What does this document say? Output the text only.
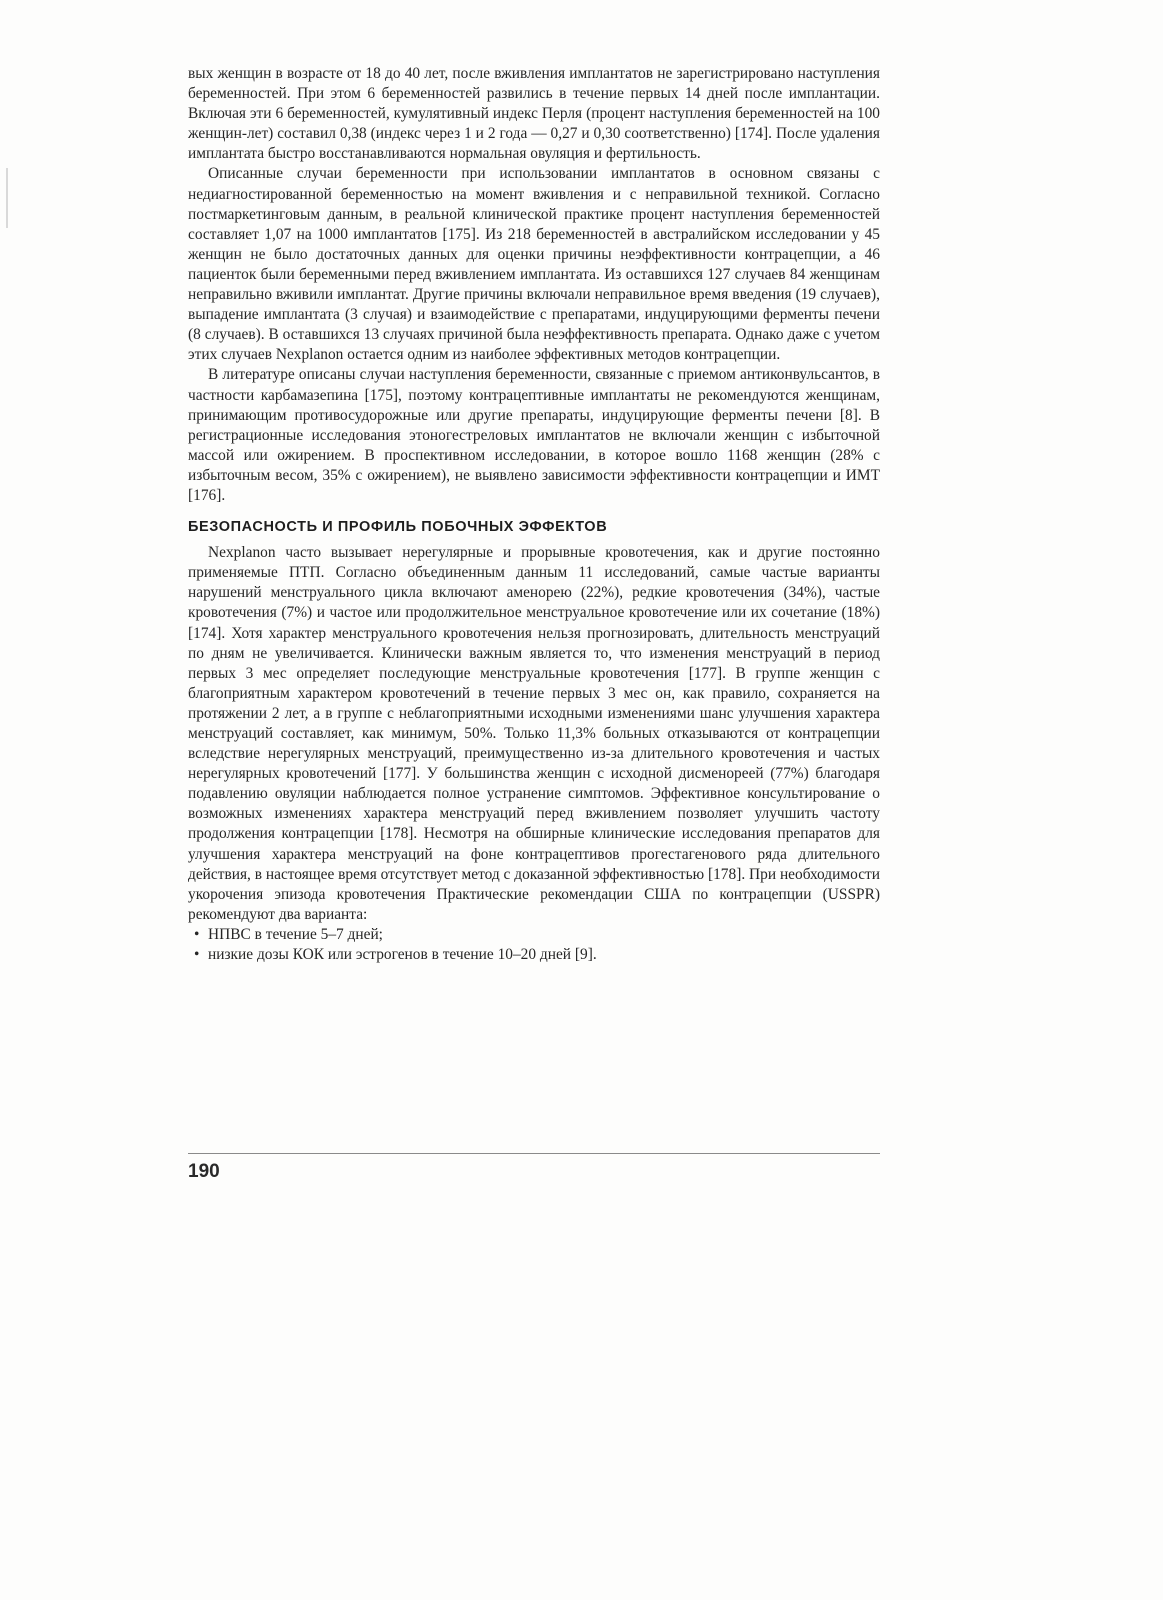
вых женщин в возрасте от 18 до 40 лет, после вживления имплантатов не зарегистрировано наступления беременностей. При этом 6 беременностей развились в течение первых 14 дней после имплантации. Включая эти 6 беременностей, кумулятивный индекс Перля (процент наступления беременностей на 100 женщин-лет) составил 0,38 (индекс через 1 и 2 года — 0,27 и 0,30 соответственно) [174]. После удаления имплантата быстро восстанавливаются нормальная овуляция и фертильность.

Описанные случаи беременности при использовании имплантатов в основном связаны с недиагностированной беременностью на момент вживления и с неправильной техникой. Согласно постмаркетинговым данным, в реальной клинической практике процент наступления беременностей составляет 1,07 на 1000 имплантатов [175]. Из 218 беременностей в австралийском исследовании у 45 женщин не было достаточных данных для оценки причины неэффективности контрацепции, а 46 пациенток были беременными перед вживлением имплантата. Из оставшихся 127 случаев 84 женщинам неправильно вживили имплантат. Другие причины включали неправильное время введения (19 случаев), выпадение имплантата (3 случая) и взаимодействие с препаратами, индуцирующими ферменты печени (8 случаев). В оставшихся 13 случаях причиной была неэффективность препарата. Однако даже с учетом этих случаев Nexplanon остается одним из наиболее эффективных методов контрацепции.

В литературе описаны случаи наступления беременности, связанные с приемом антиконвульсантов, в частности карбамазепина [175], поэтому контрацептивные имплантаты не рекомендуются женщинам, принимающим противосудорожные или другие препараты, индуцирующие ферменты печени [8]. В регистрационные исследования этоногестреловых имплантатов не включали женщин с избыточной массой или ожирением. В проспективном исследовании, в которое вошло 1168 женщин (28% с избыточным весом, 35% с ожирением), не выявлено зависимости эффективности контрацепции и ИМТ [176].

БЕЗОПАСНОСТЬ И ПРОФИЛЬ ПОБОЧНЫХ ЭФФЕКТОВ

Nexplanon часто вызывает нерегулярные и прорывные кровотечения, как и другие постоянно применяемые ПТП. Согласно объединенным данным 11 исследований, самые частые варианты нарушений менструального цикла включают аменорею (22%), редкие кровотечения (34%), частые кровотечения (7%) и частое или продолжительное менструальное кровотечение или их сочетание (18%) [174]. Хотя характер менструального кровотечения нельзя прогнозировать, длительность менструаций по дням не увеличивается. Клинически важным является то, что изменения менструаций в период первых 3 мес определяет последующие менструальные кровотечения [177]. В группе женщин с благоприятным характером кровотечений в течение первых 3 мес он, как правило, сохраняется на протяжении 2 лет, а в группе с неблагоприятными исходными изменениями шанс улучшения характера менструаций составляет, как минимум, 50%. Только 11,3% больных отказываются от контрацепции вследствие нерегулярных менструаций, преимущественно из-за длительного кровотечения и частых нерегулярных кровотечений [177]. У большинства женщин с исходной дисменореей (77%) благодаря подавлению овуляции наблюдается полное устранение симптомов. Эффективное консультирование о возможных изменениях характера менструаций перед вживлением позволяет улучшить частоту продолжения контрацепции [178]. Несмотря на обширные клинические исследования препаратов для улучшения характера менструаций на фоне контрацептивов прогестагенового ряда длительного действия, в настоящее время отсутствует метод с доказанной эффективностью [178]. При необходимости укорочения эпизода кровотечения Практические рекомендации США по контрацепции (USSPR) рекомендуют два варианта:

• НПВС в течение 5–7 дней;
• низкие дозы КОК или эстрогенов в течение 10–20 дней [9].
190
